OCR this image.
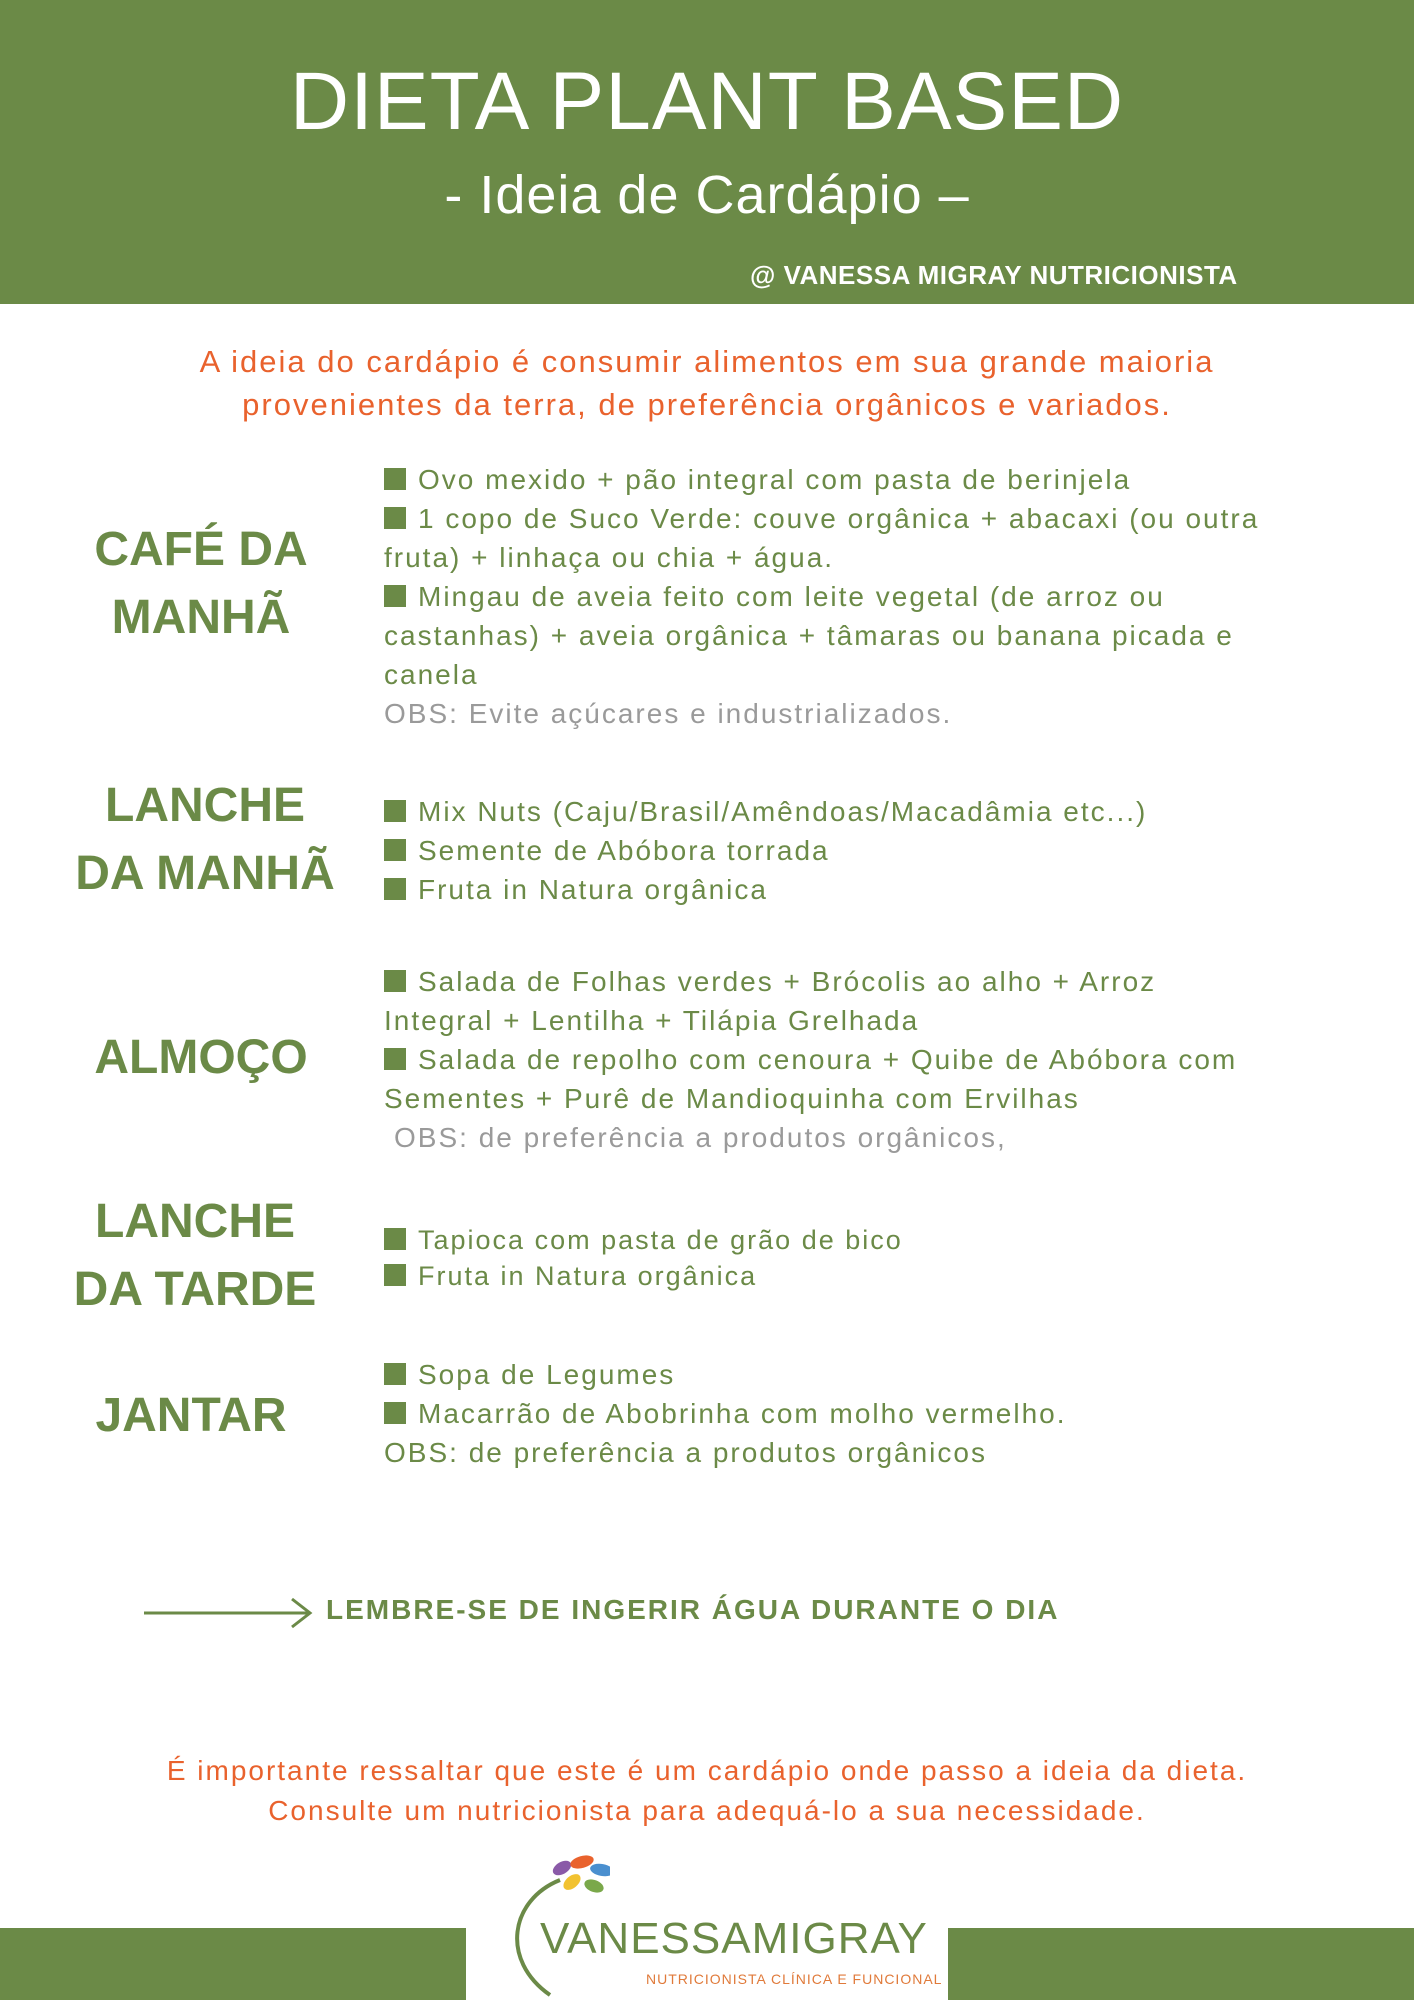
DIETA PLANT BASED
- Ideia de Cardápio –
@ VANESSA MIGRAY NUTRICIONISTA
A ideia do cardápio é consumir alimentos em sua grande maioria
provenientes da terra, de preferência orgânicos e variados.
CAFÉ DA
MANHÃ
Ovo mexido + pão integral com pasta de berinjela
1 copo de Suco Verde: couve orgânica + abacaxi (ou outra
fruta) + linhaça ou chia + água.
Mingau de aveia feito com leite vegetal (de arroz ou
castanhas) + aveia orgânica + tâmaras ou banana picada e
canela
OBS: Evite açúcares e industrializados.
LANCHE
DA MANHÃ
Mix Nuts (Caju/Brasil/Amêndoas/Macadâmia etc...)
Semente de Abóbora torrada
Fruta in Natura orgânica
ALMOÇO
Salada de Folhas verdes + Brócolis ao alho + Arroz
Integral + Lentilha + Tilápia Grelhada
Salada de repolho com cenoura + Quibe de Abóbora com
Sementes + Purê de Mandioquinha com Ervilhas
OBS: de preferência a produtos orgânicos,
LANCHE
DA TARDE
Tapioca com pasta de grão de bico
Fruta in Natura orgânica
JANTAR
Sopa de Legumes
Macarrão de Abobrinha com molho vermelho.
OBS: de preferência a produtos orgânicos
LEMBRE-SE DE INGERIR ÁGUA DURANTE O DIA
É importante ressaltar que este é um cardápio onde passo a ideia da dieta.
Consulte um nutricionista para adequá-lo a sua necessidade.
VANESSAMIGRAY
NUTRICIONISTA CLÍNICA E FUNCIONAL
